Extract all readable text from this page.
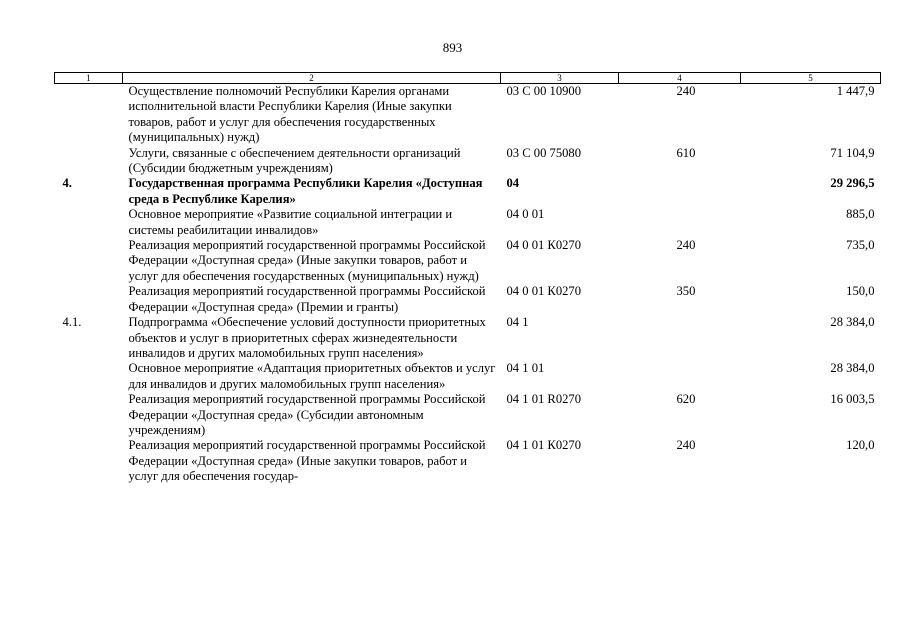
893
1	2	3	4	5
	Осуществление полномочий Республики Карелия органами исполнительной власти Республики Карелия (Иные закупки товаров, работ и услуг для обеспечения государственных (муниципальных) нужд)	03 С 00 10900	240	1 447,9
	Услуги, связанные с обеспечением деятельности организаций (Субсидии бюджетным учреждениям)	03 С 00 75080	610	71 104,9
4.	Государственная программа Республики Карелия «Доступная среда в Республике Карелия»	04		29 296,5
	Основное мероприятие «Развитие социальной интеграции и системы реабилитации инвалидов»	04 0 01		885,0
	Реализация мероприятий государственной программы Российской Федерации «Доступная среда» (Иные закупки товаров, работ и услуг для обеспечения государственных (муниципальных) нужд)	04 0 01 К0270	240	735,0
	Реализация мероприятий государственной программы Российской Федерации «Доступная среда» (Премии и гранты)	04 0 01 К0270	350	150,0
4.1.	Подпрограмма «Обеспечение условий доступности приоритетных объектов и услуг в приоритетных сферах жизнедеятельности инвалидов и других маломобильных групп населения»	04 1		28 384,0
	Основное мероприятие «Адаптация приоритетных объектов и услуг для инвалидов и других маломобильных групп населения»	04 1 01		28 384,0
	Реализация мероприятий государственной программы Российской Федерации «Доступная среда» (Субсидии автономным учреждениям)	04 1 01 R0270	620	16 003,5
	Реализация мероприятий государственной программы Российской Федерации «Доступная среда» (Иные закупки товаров, работ и услуг для обеспечения государ-	04 1 01 К0270	240	120,0
